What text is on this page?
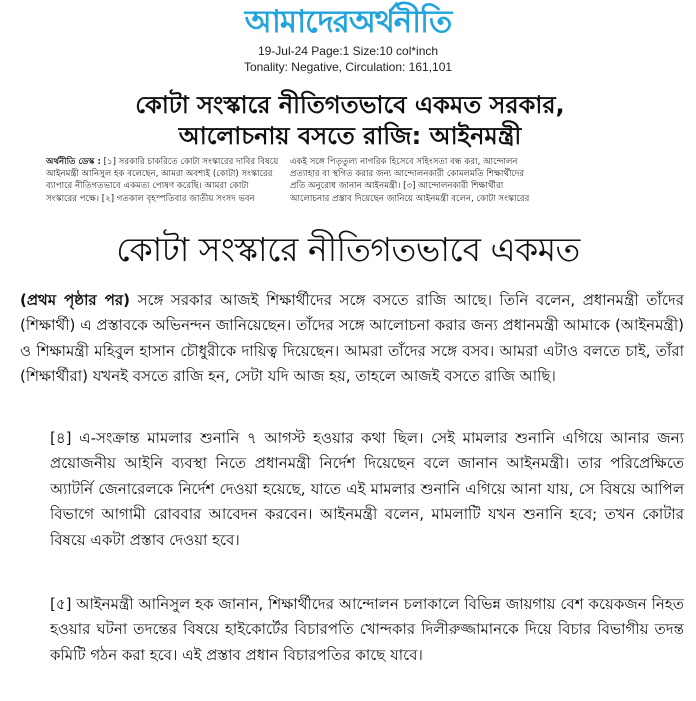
আমাদেরঅর্থনীতি
19-Jul-24 Page:1 Size:10 col*inch
Tonality: Negative, Circulation: 161,101
কোটা সংস্কারে নীতিগতভাবে একমত সরকার,
আলোচনায় বসতে রাজি: আইনমন্ত্রী
অর্থনীতি ডেস্ক : [১] সরকারি চাকরিতে কোটা সংস্কারের দাবির বিষয়ে আইনমন্ত্রী আনিসুল হক বলেছেন, আমরা অবশ্যই (কোটা) সংস্কারের ব্যাপারে নীতিগতভাবে একমত্য পোষণ করেছি। আমরা কোটা সংস্কারের পক্ষে। [২] গতকাল বৃহস্পতিবার জাতীয় সংসদ ভবন
একই সঙ্গে পিতৃতুল্য নাগরিক হিসেবে সহিংসতা বন্ধ করা, আন্দোলন প্রত্যাহার বা স্থগিত করার জন্য আন্দোলনকারী কোমলমতি শিক্ষার্থীদের প্রতি অনুরোধ জানান আইনমন্ত্রী। [৩] আন্দোলনকারী শিক্ষার্থীরা আলোচনার প্রস্তাব দিয়েছেন জানিয়ে আইনমন্ত্রী বলেন, কোটা সংস্কারের
কোটা সংস্কারে নীতিগতভাবে একমত

(প্রথম পৃষ্ঠার পর) সঙ্গে সরকার আজই শিক্ষার্থীদের সঙ্গে বসতে রাজি আছে। তিনি বলেন, প্রধানমন্ত্রী তাঁদের (শিক্ষার্থী) এ প্রস্তাবকে অভিনন্দন জানিয়েছেন। তাঁদের সঙ্গে আলোচনা করার জন্য প্রধানমন্ত্রী আমাকে (আইনমন্ত্রী) ও শিক্ষামন্ত্রী মহিবুল হাসান চৌধুরীকে দায়িত্ব দিয়েছেন। আমরা তাঁদের সঙ্গে বসব। আমরা এটাও বলতে চাই, তাঁরা (শিক্ষার্থীরা) যখনই বসতে রাজি হন, সেটা যদি আজ হয়, তাহলে আজই বসতে রাজি আছি।

[৪] এ-সংক্রান্ত মামলার শুনানি ৭ আগস্ট হওয়ার কথা ছিল। সেই মামলার শুনানি এগিয়ে আনার জন্য প্রয়োজনীয় আইনি ব্যবস্থা নিতে প্রধানমন্ত্রী নির্দেশ দিয়েছেন বলে জানান আইনমন্ত্রী। তার পরিপ্রেক্ষিতে অ্যাটর্নি জেনারেলকে নির্দেশ দেওয়া হয়েছে, যাতে এই মামলার শুনানি এগিয়ে আনা যায়, সে বিষয়ে আপিল বিভাগে আগামী রোববার আবেদন করবেন। আইনমন্ত্রী বলেন, মামলাটি যখন শুনানি হবে; তখন কোটার বিষয়ে একটা প্রস্তাব দেওয়া হবে।

[৫] আইনমন্ত্রী আনিসুল হক জানান, শিক্ষার্থীদের আন্দোলন চলাকালে বিভিন্ন জায়গায় বেশ কয়েকজন নিহত হওয়ার ঘটনা তদন্তের বিষয়ে হাইকোর্টের বিচারপতি খোন্দকার দিলীরুজ্জামানকে দিয়ে বিচার বিভাগীয় তদন্ত কমিটি গঠন করা হবে। এই প্রস্তাব প্রধান বিচারপতির কাছে যাবে।
